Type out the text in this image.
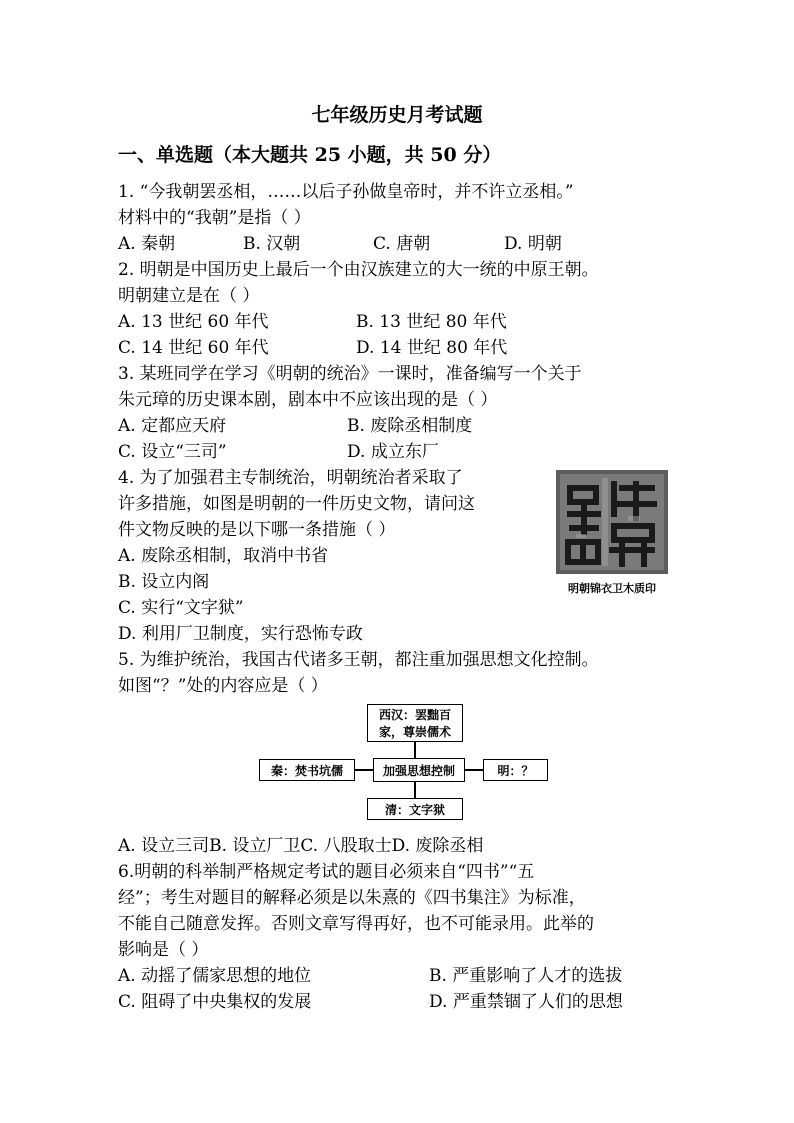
七年级历史月考试题
一、单选题（本大题共 25 小题，共 50 分）
1. “今我朝罢丞相，……以后子孙做皇帝时，并不许立丞相。”
材料中的“我朝”是指（ ）
A. 秦朝	B. 汉朝	C. 唐朝	D. 明朝
2. 明朝是中国历史上最后一个由汉族建立的大一统的中原王朝。
明朝建立是在（ ）
A. 13 世纪 60 年代	B. 13 世纪 80 年代
C. 14 世纪 60 年代	D. 14 世纪 80 年代
3. 某班同学在学习《明朝的统治》一课时，准备编写一个关于
朱元璋的历史课本剧，剧本中不应该出现的是（ ）
A. 定都应天府	B. 废除丞相制度
C. 设立“三司”	D. 成立东厂
4. 为了加强君主专制统治，明朝统治者采取了
许多措施，如图是明朝的一件历史文物，请问这
件文物反映的是以下哪一条措施（ ）
A. 废除丞相制，取消中书省
B. 设立内阁
C. 实行“文字狱”
D. 利用厂卫制度，实行恐怖专政
明朝锦衣卫木质印
5. 为维护统治，我国古代诸多王朝，都注重加强思想文化控制。
如图“？”处的内容应是（ ）
西汉：罢黜百家，尊崇儒术
秦：焚书坑儒	加强思想控制	明：？
清：文字狱
A. 设立三司B. 设立厂卫C. 八股取士D. 废除丞相
6.明朝的科举制严格规定考试的题目必须来自“四书”“五
经”；考生对题目的解释必须是以朱熹的《四书集注》为标准，
不能自己随意发挥。否则文章写得再好，也不可能录用。此举的
影响是（ ）
A. 动摇了儒家思想的地位	B. 严重影响了人才的选拔
C. 阻碍了中央集权的发展	D. 严重禁锢了人们的思想
